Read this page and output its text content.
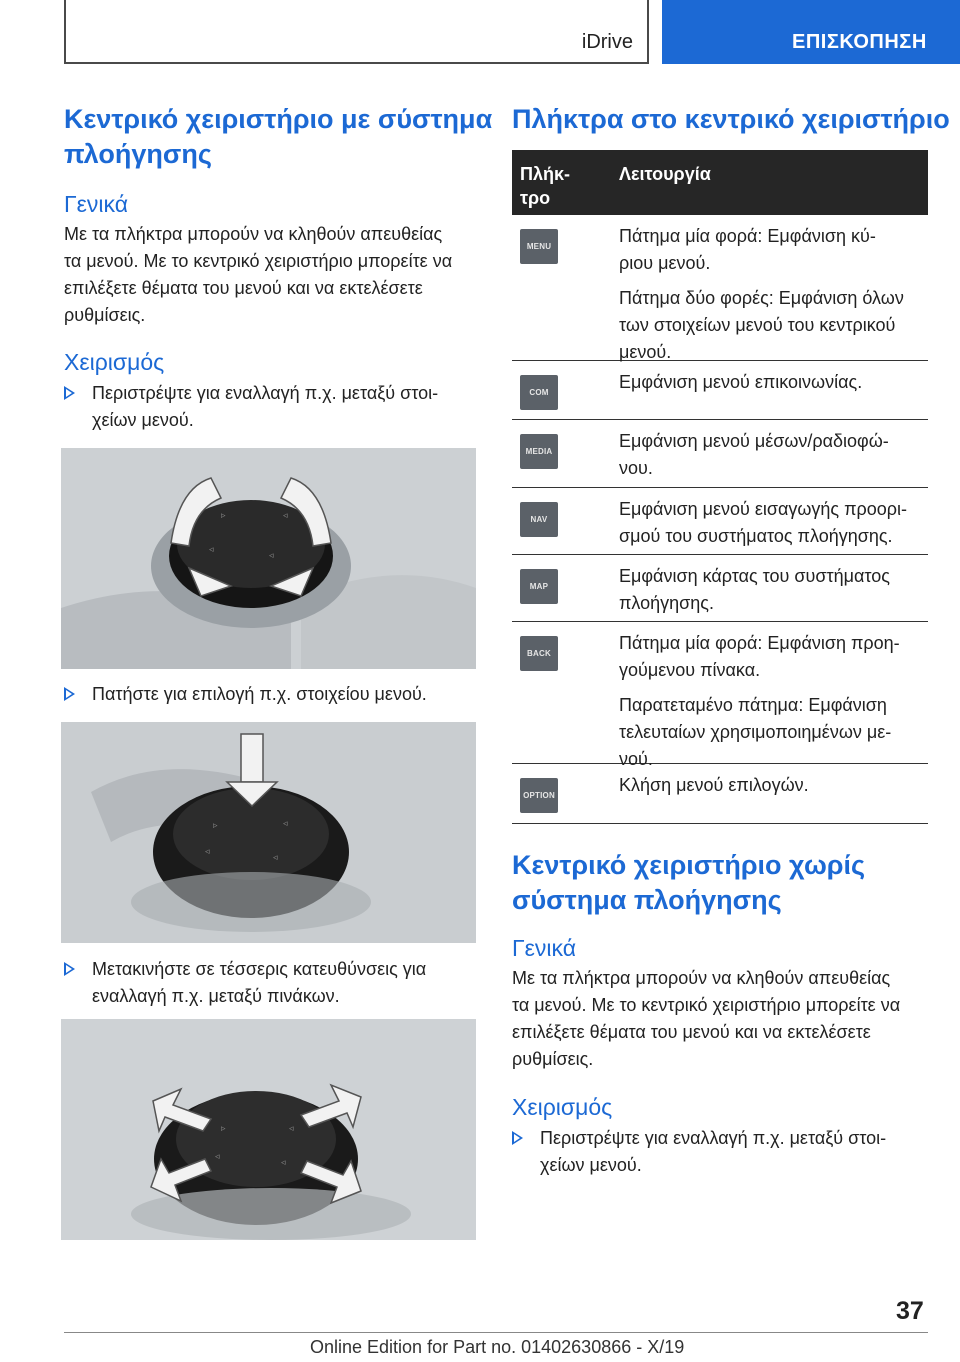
iDrive	ΕΠΙΣΚΟΠΗΣΗ
Κεντρικό χειριστήριο με σύστημα
πλοήγησης
Γενικά
Με τα πλήκτρα μπορούν να κληθούν απευθείας
τα μενού. Με το κεντρικό χειριστήριο μπορείτε να
επιλέξετε θέματα του μενού και να εκτελέσετε
ρυθμίσεις.
Χειρισμός
Περιστρέψτε για εναλλαγή π.χ. μεταξύ στοι-
χείων μενού.
▹	◃
◃
◃
Πατήστε για επιλογή π.χ. στοιχείου μενού.
▹	◃
◃
◃
Μετακινήστε σε τέσσερις κατευθύνσεις για
εναλλαγή π.χ. μεταξύ πινάκων.
▹	◃
◃
◃
Πλήκτρα στο κεντρικό χειριστήριο
Πλήκ-
τρο
Λειτουργία
MENU
Πάτημα μία φορά: Εμφάνιση κύ-
ριου μενού.
Πάτημα δύο φορές: Εμφάνιση όλων
των στοιχείων μενού του κεντρικού
μενού.
COM
Εμφάνιση μενού επικοινωνίας.
MEDIA
Εμφάνιση μενού μέσων/ραδιοφώ-
νου.
NAV
Εμφάνιση μενού εισαγωγής προορι-
σμού του συστήματος πλοήγησης.
MAP
Εμφάνιση κάρτας του συστήματος
πλοήγησης.
BACK
Πάτημα μία φορά: Εμφάνιση προη-
γούμενου πίνακα.
Παρατεταμένο πάτημα: Εμφάνιση
τελευταίων χρησιμοποιημένων με-
νού.
OPTION
Κλήση μενού επιλογών.
Κεντρικό χειριστήριο χωρίς
σύστημα πλοήγησης
Γενικά
Με τα πλήκτρα μπορούν να κληθούν απευθείας
τα μενού. Με το κεντρικό χειριστήριο μπορείτε να
επιλέξετε θέματα του μενού και να εκτελέσετε
ρυθμίσεις.
Χειρισμός
Περιστρέψτε για εναλλαγή π.χ. μεταξύ στοι-
χείων μενού.
37
Online Edition for Part no. 01402630866 - X/19
